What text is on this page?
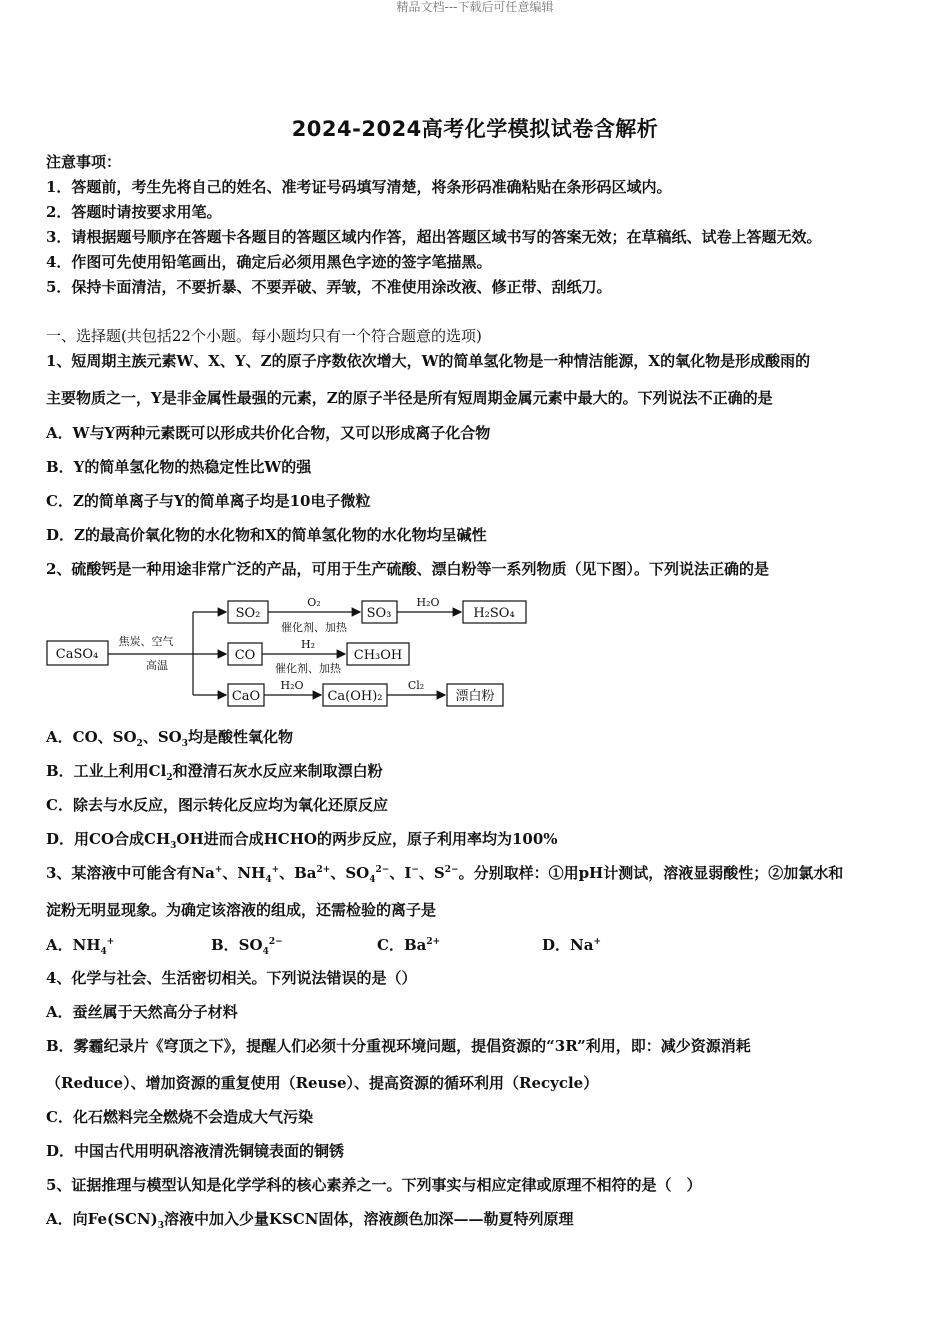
精品文档---下载后可任意编辑
2024-2024高考化学模拟试卷含解析
注意事项：
1．答题前，考生先将自己的姓名、准考证号码填写清楚，将条形码准确粘贴在条形码区域内。
2．答题时请按要求用笔。
3．请根据题号顺序在答题卡各题目的答题区域内作答，超出答题区域书写的答案无效；在草稿纸、试卷上答题无效。
4．作图可先使用铅笔画出，确定后必须用黑色字迹的签字笔描黑。
5．保持卡面清洁，不要折暴、不要弄破、弄皱，不准使用涂改液、修正带、刮纸刀。
一、选择题(共包括22个小题。每小题均只有一个符合题意的选项)
1、短周期主族元素W、X、Y、Z的原子序数依次增大，W的简单氢化物是一种情洁能源，X的氧化物是形成酸雨的
主要物质之一，Y是非金属性最强的元素，Z的原子半径是所有短周期金属元素中最大的。下列说法不正确的是
A．W与Y两种元素既可以形成共价化合物，又可以形成离子化合物
B．Y的简单氢化物的热稳定性比W的强
C．Z的简单离子与Y的简单离子均是10电子微粒
D．Z的最高价氧化物的水化物和X的简单氢化物的水化物均呈碱性
2、硫酸钙是一种用途非常广泛的产品，可用于生产硫酸、漂白粉等一系列物质（见下图）。下列说法正确的是
CaSO₄
焦炭、空气
高温
SO₂
O₂
催化剂、加热
SO₃
H₂O
H₂SO₄
CO
H₂
催化剂、加热
CH₃OH
CaO
H₂O
Ca(OH)₂
Cl₂
漂白粉
A．CO、$SO_2$、$SO_3$均是酸性氧化物
B．工业上利用$Cl_2$和澄清石灰水反应来制取漂白粉
C．除去与水反应，图示转化反应均为氧化还原反应
D．用CO合成$CH_3OH$进而合成HCHO的两步反应，原子利用率均为100%
3、某溶液中可能含有Na+、$NH_4^+$、$Ba^{2+}$、$SO_4^{2-}$、I−、$S^{2-}$。分别取样：①用pH计测试，溶液显弱酸性；②加氯水和
淀粉无明显现象。为确定该溶液的组成，还需检验的离子是
A．$NH_4^+$	B．$SO_4^{2-}$	C．$Ba^{2+}$	D．Na+
4、化学与社会、生活密切相关。下列说法错误的是（）
A．蚕丝属于天然高分子材料
B．雾霾纪录片《穹顶之下》，提醒人们必须十分重视环境问题，提倡资源的“3R”利用，即：减少资源消耗
（Reduce）、增加资源的重复使用（Reuse）、提高资源的循环利用（Recycle）
C．化石燃料完全燃烧不会造成大气污染
D．中国古代用明矾溶液清洗铜镜表面的铜锈
5、证据推理与模型认知是化学学科的核心素养之一。下列事实与相应定律或原理不相符的是（　）
A．向$Fe(SCN)_3$溶液中加入少量KSCN固体，溶液颜色加深——勒夏特列原理
